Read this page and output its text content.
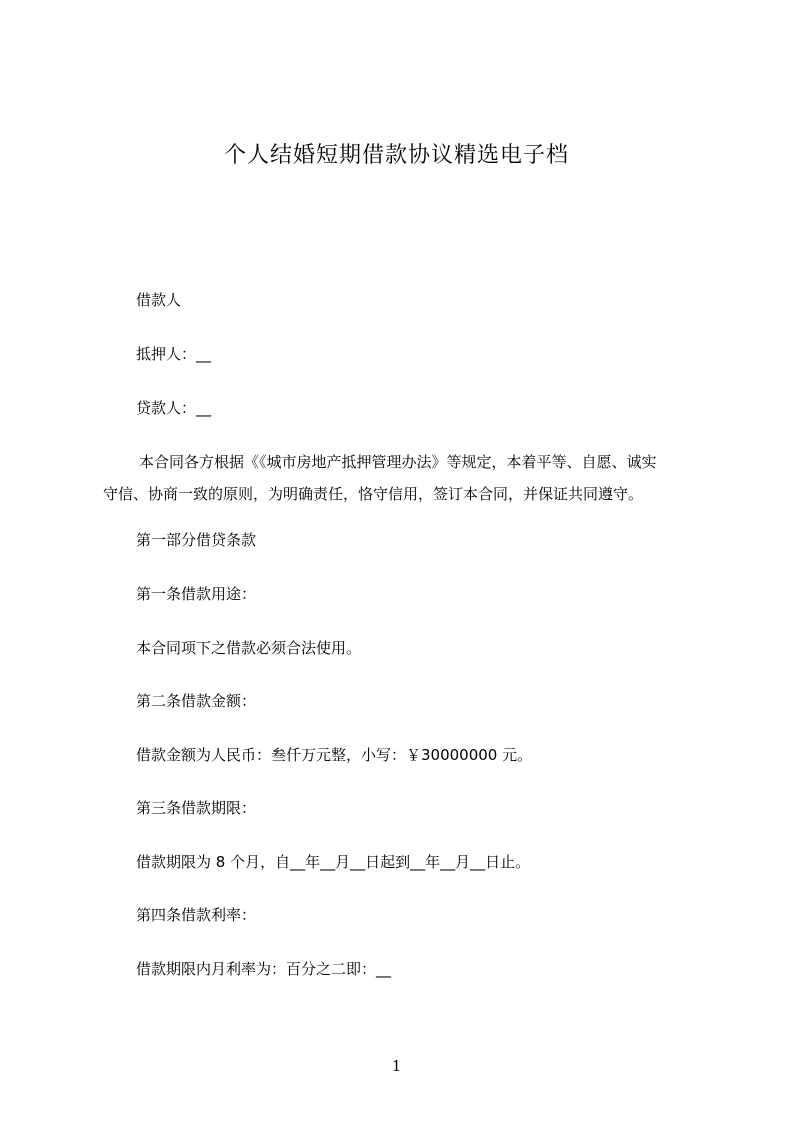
个人结婚短期借款协议精选电子档
借款人
抵押人：__
贷款人：__
本合同各方根据《《城市房地产抵押管理办法》等规定，本着平等、自愿、诚实
守信、协商一致的原则，为明确责任，恪守信用，签订本合同，并保证共同遵守。
第一部分借贷条款
第一条借款用途：
本合同项下之借款必须合法使用。
第二条借款金额：
借款金额为人民币：叁仟万元整，小写：￥30000000 元。
第三条借款期限：
借款期限为 8 个月，自__年__月__日起到__年__月__日止。
第四条借款利率：
借款期限内月利率为：百分之二即：__
1
